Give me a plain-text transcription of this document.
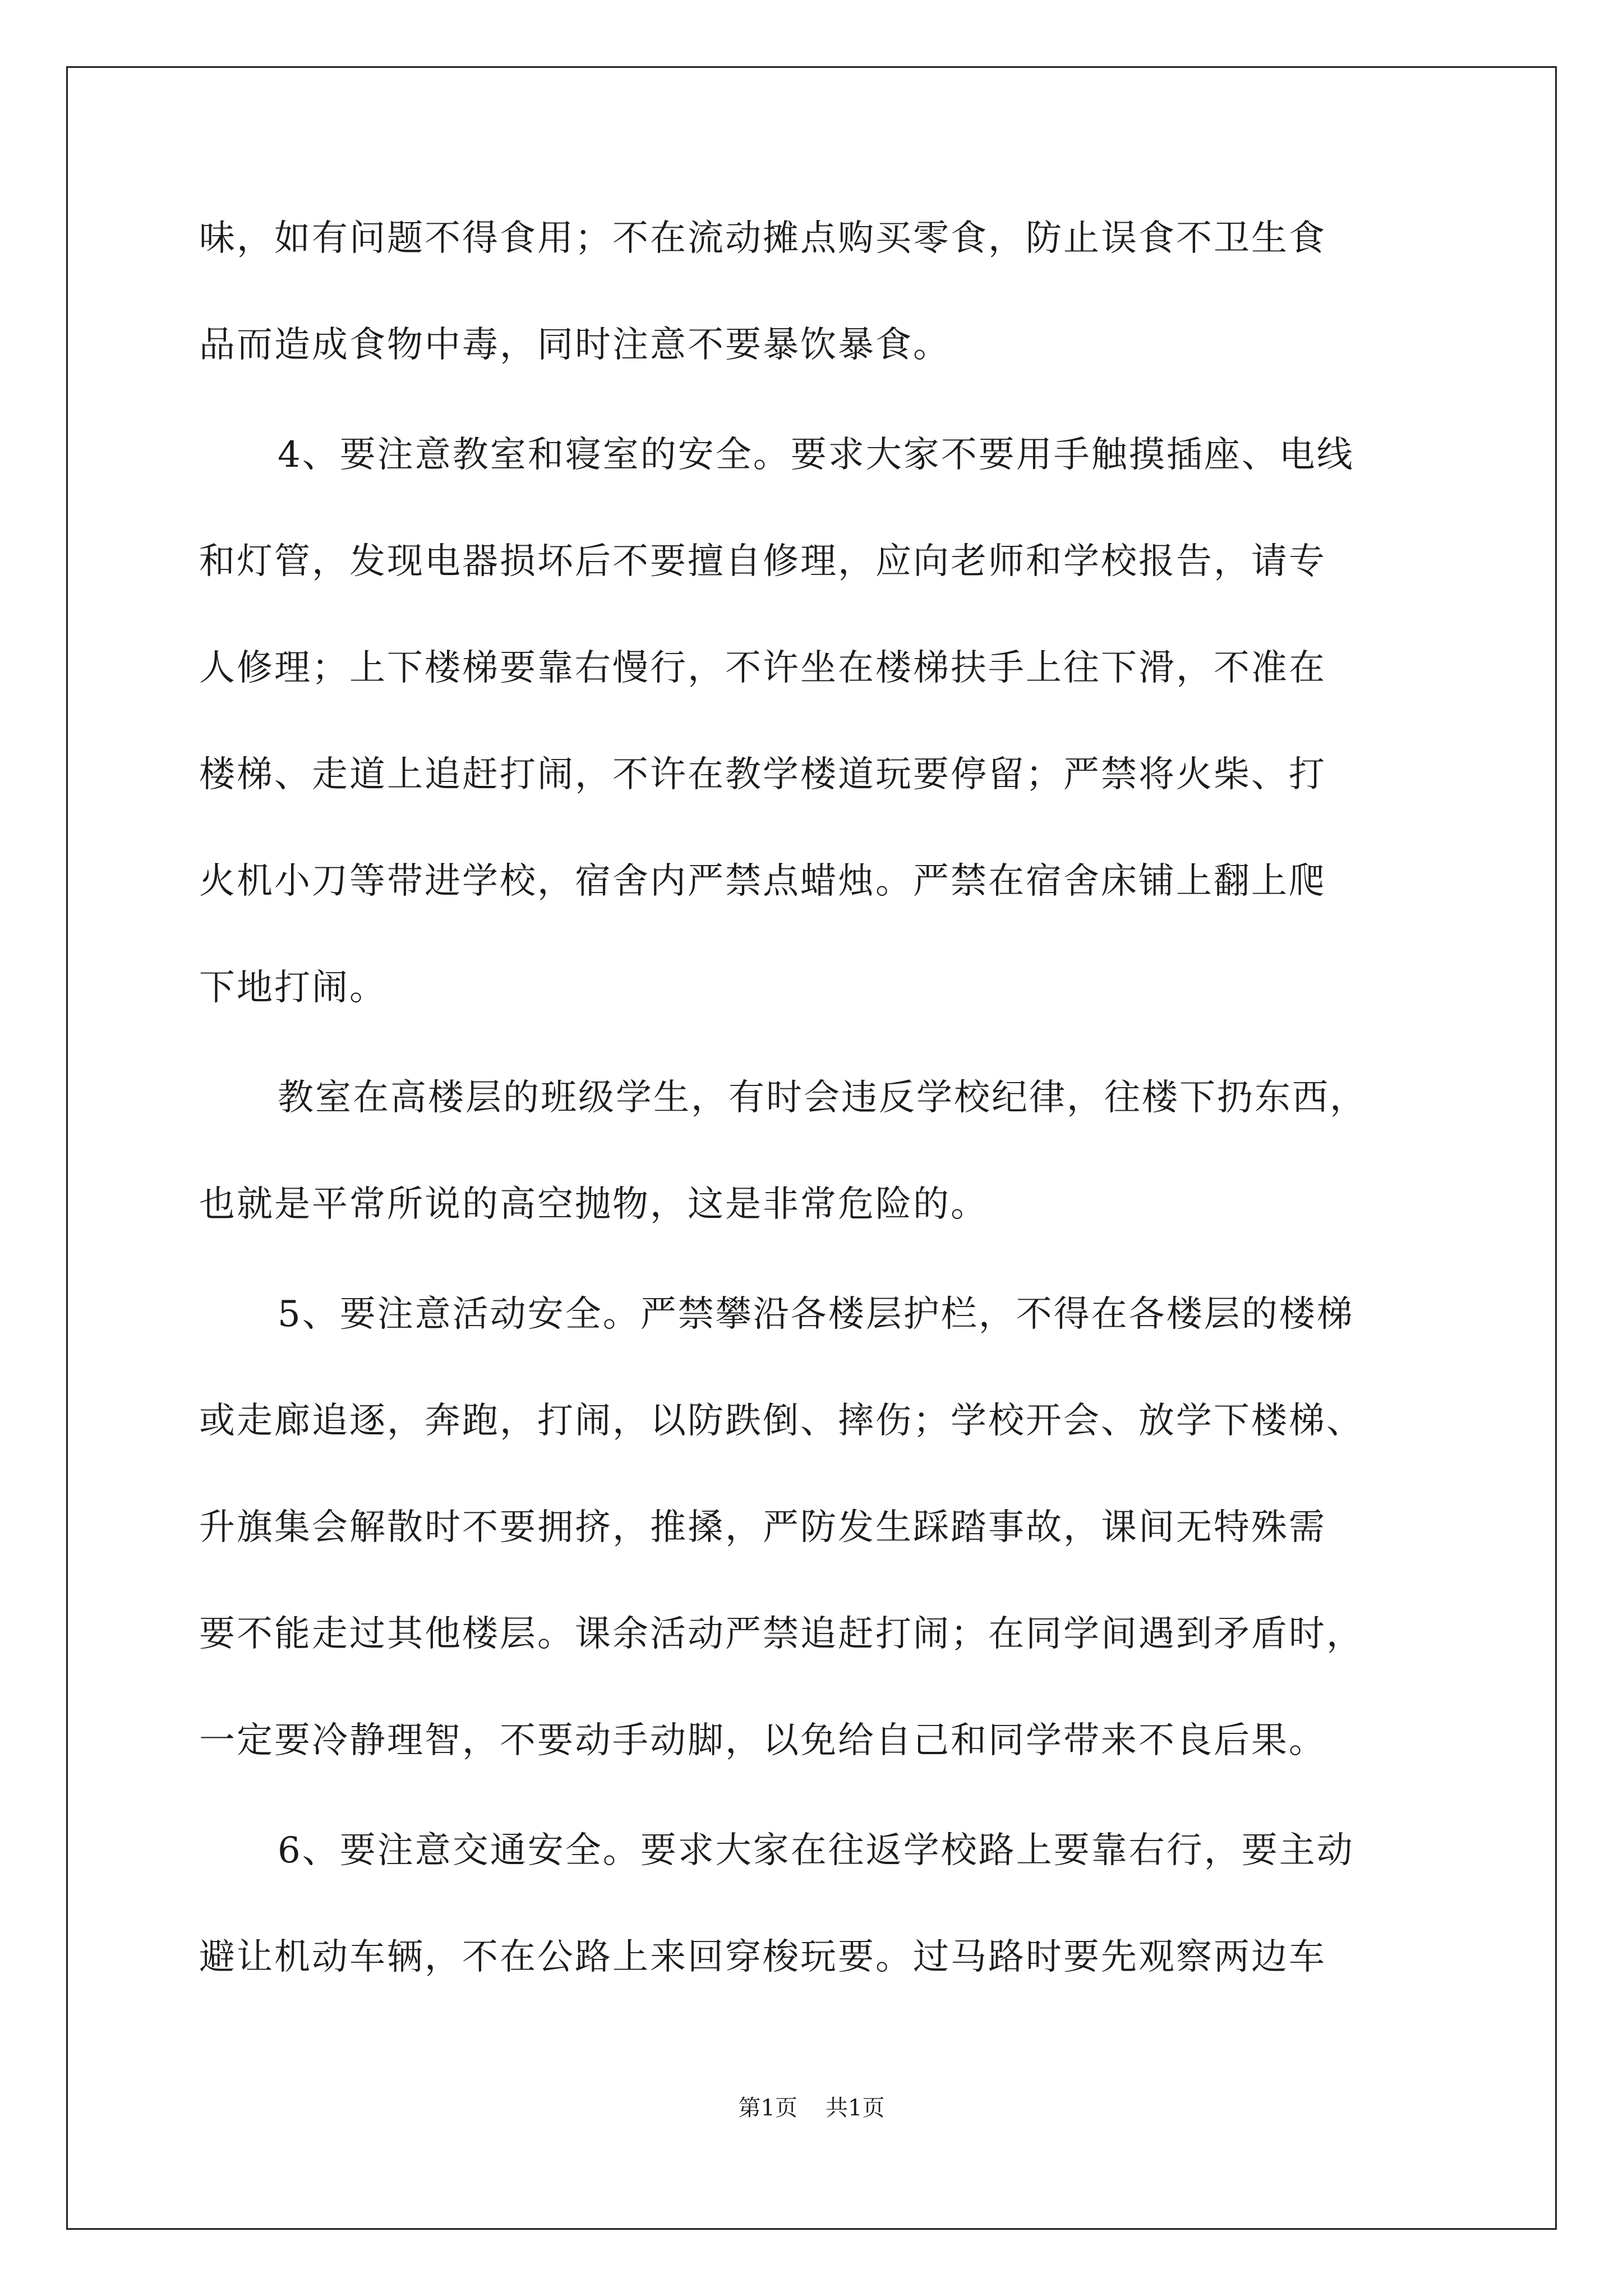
味，如有问题不得食用；不在流动摊点购买零食，防止误食不卫生食
品而造成食物中毒，同时注意不要暴饮暴食。
4、要注意教室和寝室的安全。要求大家不要用手触摸插座、电线
和灯管，发现电器损坏后不要擅自修理，应向老师和学校报告，请专
人修理；上下楼梯要靠右慢行，不许坐在楼梯扶手上往下滑，不准在
楼梯、走道上追赶打闹，不许在教学楼道玩要停留；严禁将火柴、打
火机小刀等带进学校，宿舍内严禁点蜡烛。严禁在宿舍床铺上翻上爬
下地打闹。
教室在高楼层的班级学生，有时会违反学校纪律，往楼下扔东西，
也就是平常所说的高空抛物，这是非常危险的。
5、要注意活动安全。严禁攀沿各楼层护栏，不得在各楼层的楼梯
或走廊追逐，奔跑，打闹，以防跌倒、摔伤；学校开会、放学下楼梯、
升旗集会解散时不要拥挤，推搡，严防发生踩踏事故，课间无特殊需
要不能走过其他楼层。课余活动严禁追赶打闹；在同学间遇到矛盾时，
一定要冷静理智，不要动手动脚，以免给自己和同学带来不良后果。
6、要注意交通安全。要求大家在往返学校路上要靠右行，要主动
避让机动车辆，不在公路上来回穿梭玩要。过马路时要先观察两边车
第1页 共1页
